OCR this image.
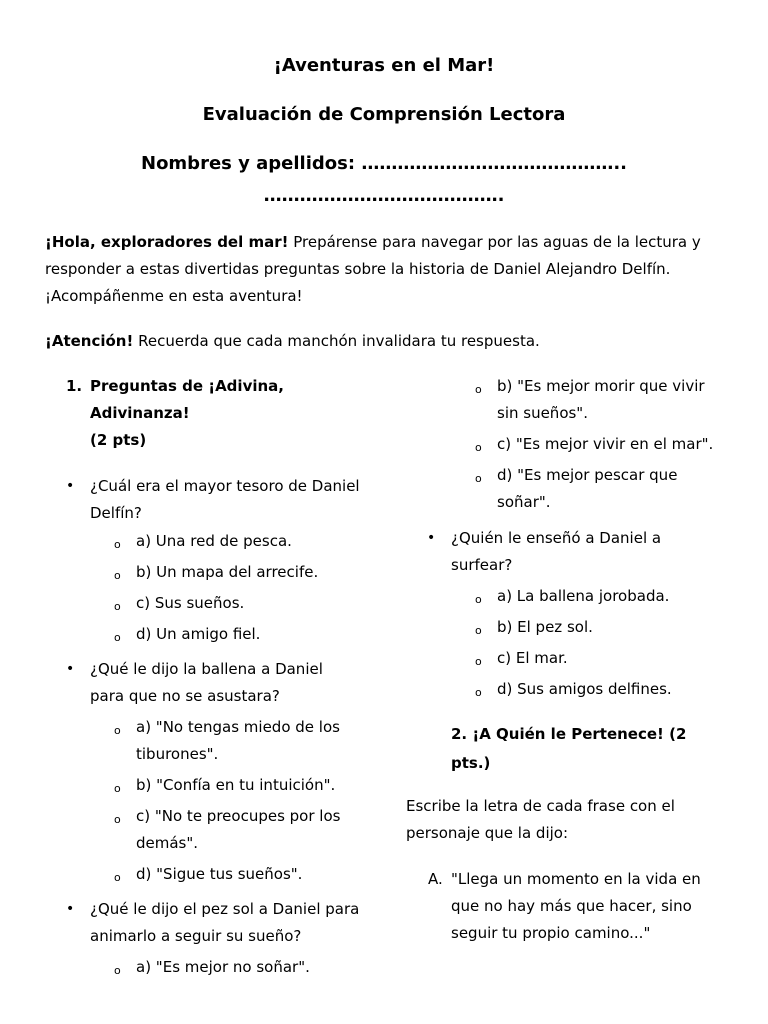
¡Aventuras en el Mar!
Evaluación de Comprensión Lectora
Nombres y apellidos: ……………………………………..
………………………………….
¡Hola, exploradores del mar! Prepárense para navegar por las aguas de la lectura y
responder a estas divertidas preguntas sobre la historia de Daniel Alejandro Delfín.
¡Acompáñenme en esta aventura!
¡Atención! Recuerda que cada manchón invalidara tu respuesta.
1. Preguntas de ¡Adivina,
Adivinanza!
(2 pts)
• ¿Cuál era el mayor tesoro de Daniel
Delfín?
o a) Una red de pesca.
o b) Un mapa del arrecife.
o c) Sus sueños.
o d) Un amigo fiel.
• ¿Qué le dijo la ballena a Daniel
para que no se asustara?
o a) "No tengas miedo de los
tiburones".
o b) "Confía en tu intuición".
o c) "No te preocupes por los
demás".
o d) "Sigue tus sueños".
• ¿Qué le dijo el pez sol a Daniel para
animarlo a seguir su sueño?
o a) "Es mejor no soñar".
o b) "Es mejor morir que vivir
sin sueños".
o c) "Es mejor vivir en el mar".
o d) "Es mejor pescar que
soñar".
• ¿Quién le enseñó a Daniel a
surfear?
o a) La ballena jorobada.
o b) El pez sol.
o c) El mar.
o d) Sus amigos delfines.
2. ¡A Quién le Pertenece! (2
pts.)
Escribe la letra de cada frase con el
personaje que la dijo:
A. "Llega un momento en la vida en
que no hay más que hacer, sino
seguir tu propio camino..."
